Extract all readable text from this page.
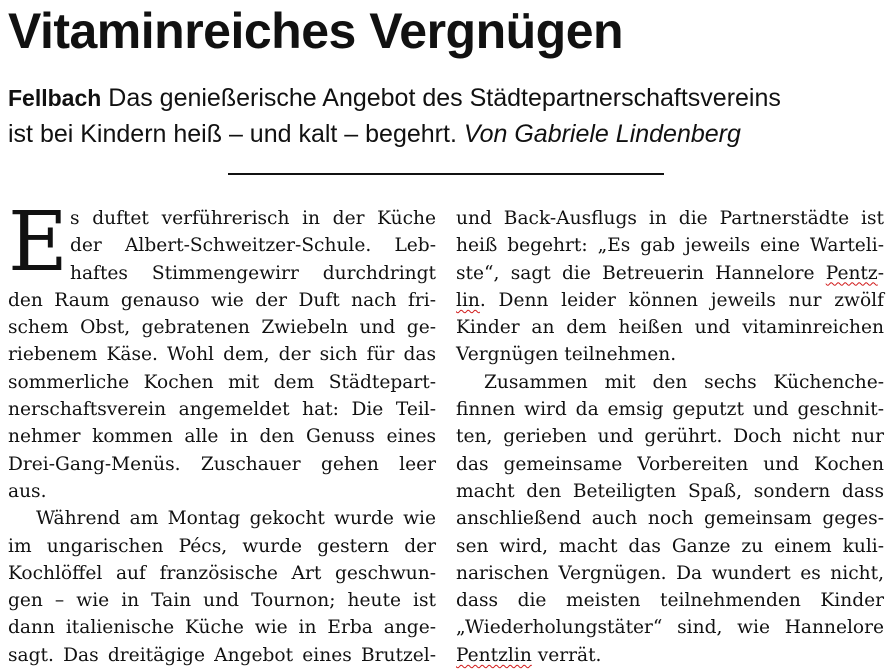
Vitaminreiches Vergnügen
Fellbach Das genießerische Angebot des Städtepartnerschaftsvereins
ist bei Kindern heiß – und kalt – begehrt. Von Gabriele Lindenberg
E s duftet verführerisch in der Küche

der Albert-Schweitzer-Schule. Leb-

haftes Stimmengewirr durchdringt

den Raum genauso wie der Duft nach fri-

schem Obst, gebratenen Zwiebeln und ge-

riebenem Käse. Wohl dem, der sich für das

sommerliche Kochen mit dem Städtepart-

nerschaftsverein angemeldet hat: Die Teil-

nehmer kommen alle in den Genuss eines

Drei-Gang-Menüs. Zuschauer gehen leer

aus.

Während am Montag gekocht wurde wie

im ungarischen Pécs, wurde gestern der

Kochlöffel auf französische Art geschwun-

gen – wie in Tain und Tournon; heute ist

dann italienische Küche wie in Erba ange-

sagt. Das dreitägige Angebot eines Brutzel-

und Back-Ausflugs in die Partnerstädte ist

heiß begehrt: „Es gab jeweils eine Warteli-

ste“, sagt die Betreuerin Hannelore Pentz-

lin. Denn leider können jeweils nur zwölf

Kinder an dem heißen und vitaminreichen

Vergnügen teilnehmen.

Zusammen mit den sechs Küchenche-

finnen wird da emsig geputzt und geschnit-

ten, gerieben und gerührt. Doch nicht nur

das gemeinsame Vorbereiten und Kochen

macht den Beteiligten Spaß, sondern dass

anschließend auch noch gemeinsam geges-

sen wird, macht das Ganze zu einem kuli-

narischen Vergnügen. Da wundert es nicht,

dass die meisten teilnehmenden Kinder

„Wiederholungstäter“ sind, wie Hannelore

Pentzlin verrät.
